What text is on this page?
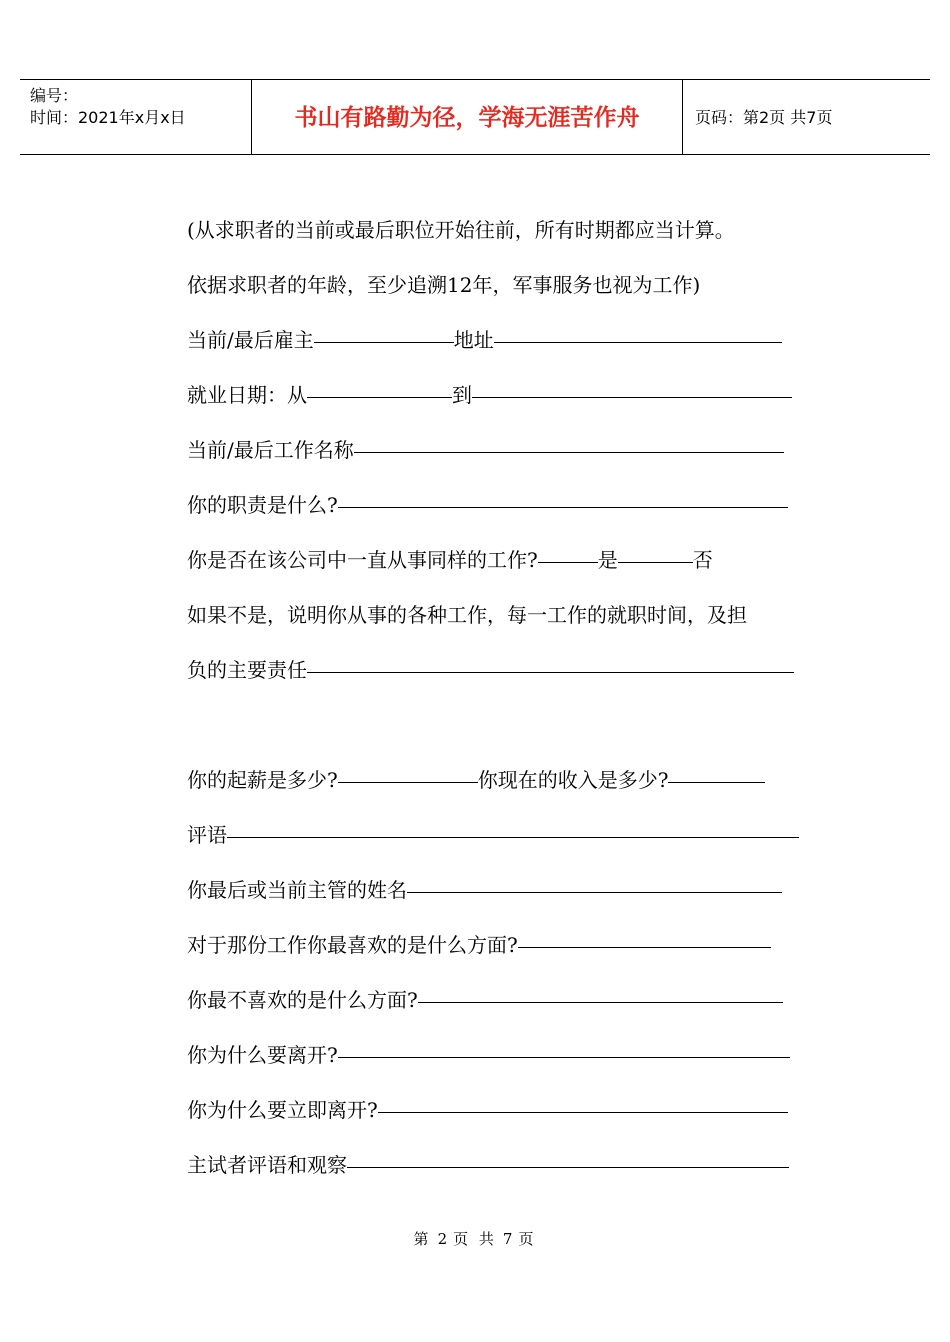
编号：
时间：2021年x月x日	书山有路勤为径，学海无涯苦作舟	页码：第2页 共7页
(从求职者的当前或最后职位开始往前，所有时期都应当计算。
依据求职者的年龄，至少追溯12年，军事服务也视为工作)
当前/最后雇主	地址
就业日期：从	到
当前/最后工作名称
你的职责是什么?
你是否在该公司中一直从事同样的工作?	是	否
如果不是，说明你从事的各种工作，每一工作的就职时间，及担
负的主要责任
你的起薪是多少?	你现在的收入是多少?
评语
你最后或当前主管的姓名
对于那份工作你最喜欢的是什么方面?
你最不喜欢的是什么方面?
你为什么要离开?
你为什么要立即离开?
主试者评语和观察
第 2 页 共 7 页
